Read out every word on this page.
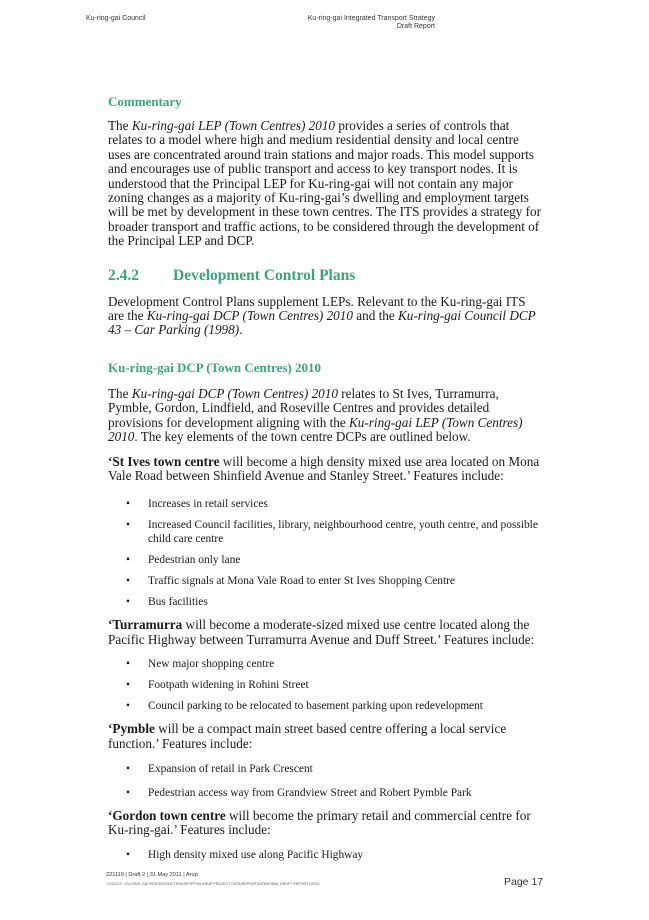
Ku-ring-gai Council	Ku-ring-gai Integrated Transport Strategy
Draft Report
Commentary

The Ku-ring-gai LEP (Town Centres) 2010 provides a series of controls that relates to a model where high and medium residential density and local centre uses are concentrated around train stations and major roads. This model supports and encourages use of public transport and access to key transport nodes. It is understood that the Principal LEP for Ku-ring-gai will not contain any major zoning changes as a majority of Ku-ring-gai’s dwelling and employment targets will be met by development in these town centres. The ITS provides a strategy for broader transport and traffic actions, to be considered through the development of the Principal LEP and DCP.

2.4.2	Development Control Plans

Development Control Plans supplement LEPs. Relevant to the Ku-ring-gai ITS are the Ku-ring-gai DCP (Town Centres) 2010 and the Ku-ring-gai Council DCP 43 – Car Parking (1998).

Ku-ring-gai DCP (Town Centres) 2010

The Ku-ring-gai DCP (Town Centres) 2010 relates to St Ives, Turramurra, Pymble, Gordon, Lindfield, and Roseville Centres and provides detailed provisions for development aligning with the Ku-ring-gai LEP (Town Centres) 2010. The key elements of the town centre DCPs are outlined below.

‘St Ives town centre will become a high density mixed use area located on Mona Vale Road between Shinfield Avenue and Stanley Street.’ Features include:

• Increases in retail services
• Increased Council facilities, library, neighbourhood centre, youth centre, and possible child care centre
• Pedestrian only lane
• Traffic signals at Mona Vale Road to enter St Ives Shopping Centre
• Bus facilities

‘Turramurra will become a moderate-sized mixed use centre located along the Pacific Highway between Turramurra Avenue and Duff Street.’ Features include:

• New major shopping centre
• Footpath widening in Rohini Street
• Council parking to be relocated to basement parking upon redevelopment

‘Pymble will be a compact main street based centre offering a local service function.’ Features include:

• Expansion of retail in Park Crescent
• Pedestrian access way from Grandview Street and Robert Pymble Park

‘Gordon town centre will become the primary retail and commercial centre for Ku-ring-gai.’ Features include:

• High density mixed use along Pacific Highway
221119 | Draft 2 | 31 May 2011 | Arup
J:\221119 - KU-RING-GAI INTEGRATED TRANSPORT\05 ARUP PROJECT DATA\REPORTS\0006FINAL DRAFT REPORT.DOCX	Page 17
